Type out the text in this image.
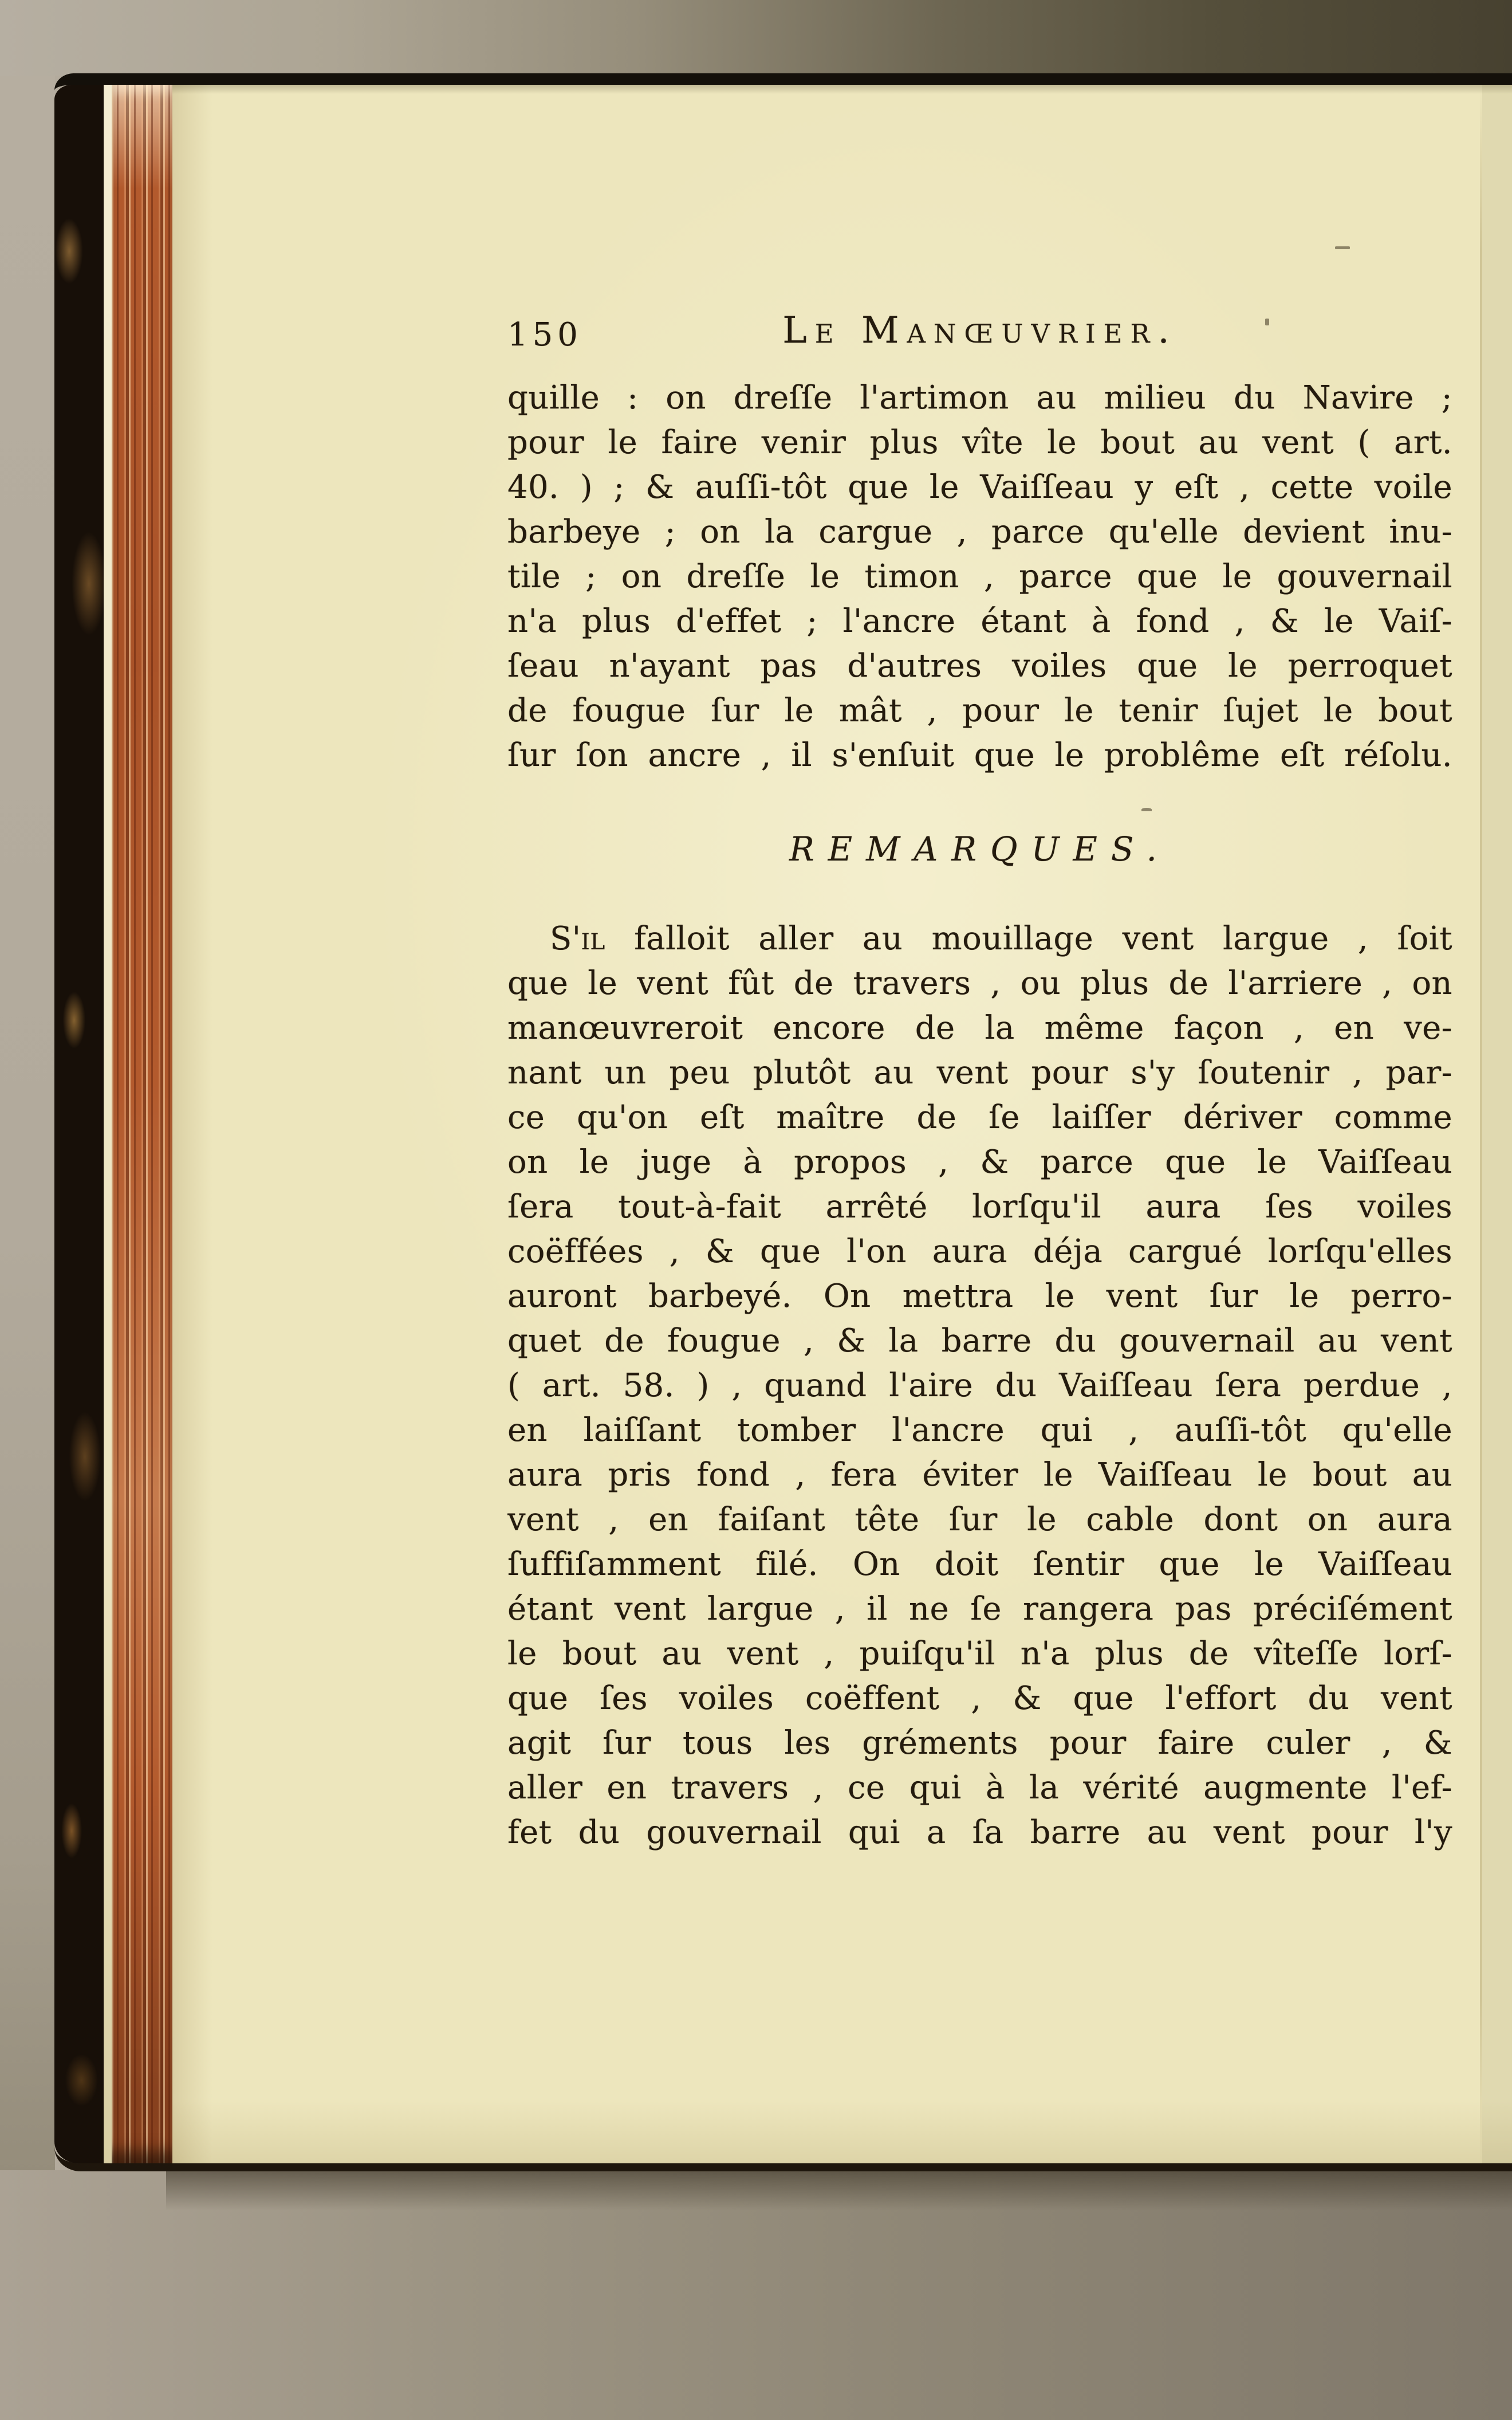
150	Le Manœuvrier.
quille : on dreſſe l'artimon au milieu du Navire ;
pour le faire venir plus vîte le bout au vent ( art.
40. ) ; & auſſi-tôt que le Vaiſſeau y eſt , cette voile
barbeye ; on la cargue , parce qu'elle devient inu-
tile ; on dreſſe le timon , parce que le gouvernail
n'a plus d'effet ; l'ancre étant à fond , & le Vaiſ-
ſeau n'ayant pas d'autres voiles que le perroquet
de fougue ſur le mât , pour le tenir ſujet le bout
ſur ſon ancre , il s'enſuit que le problême eſt réſolu.
REMARQUES.
S'il falloit aller au mouillage vent largue , ſoit
que le vent fût de travers , ou plus de l'arriere , on
manœuvreroit encore de la même façon , en ve-
nant un peu plutôt au vent pour s'y ſoutenir , par-
ce qu'on eſt maître de ſe laiſſer dériver comme
on le juge à propos , & parce que le Vaiſſeau
ſera tout-à-fait arrêté lorſqu'il aura ſes voiles
coëffées , & que l'on aura déja cargué lorſqu'elles
auront barbeyé. On mettra le vent ſur le perro-
quet de fougue , & la barre du gouvernail au vent
( art. 58. ) , quand l'aire du Vaiſſeau ſera perdue ,
en laiſſant tomber l'ancre qui , auſſi-tôt qu'elle
aura pris fond , fera éviter le Vaiſſeau le bout au
vent , en faiſant tête ſur le cable dont on aura
ſuffiſamment filé. On doit ſentir que le Vaiſſeau
étant vent largue , il ne ſe rangera pas préciſément
le bout au vent , puiſqu'il n'a plus de vîteſſe lorſ-
que ſes voiles coëffent , & que l'effort du vent
agit ſur tous les gréments pour faire culer , &
aller en travers , ce qui à la vérité augmente l'ef-
fet du gouvernail qui a ſa barre au vent pour l'y
